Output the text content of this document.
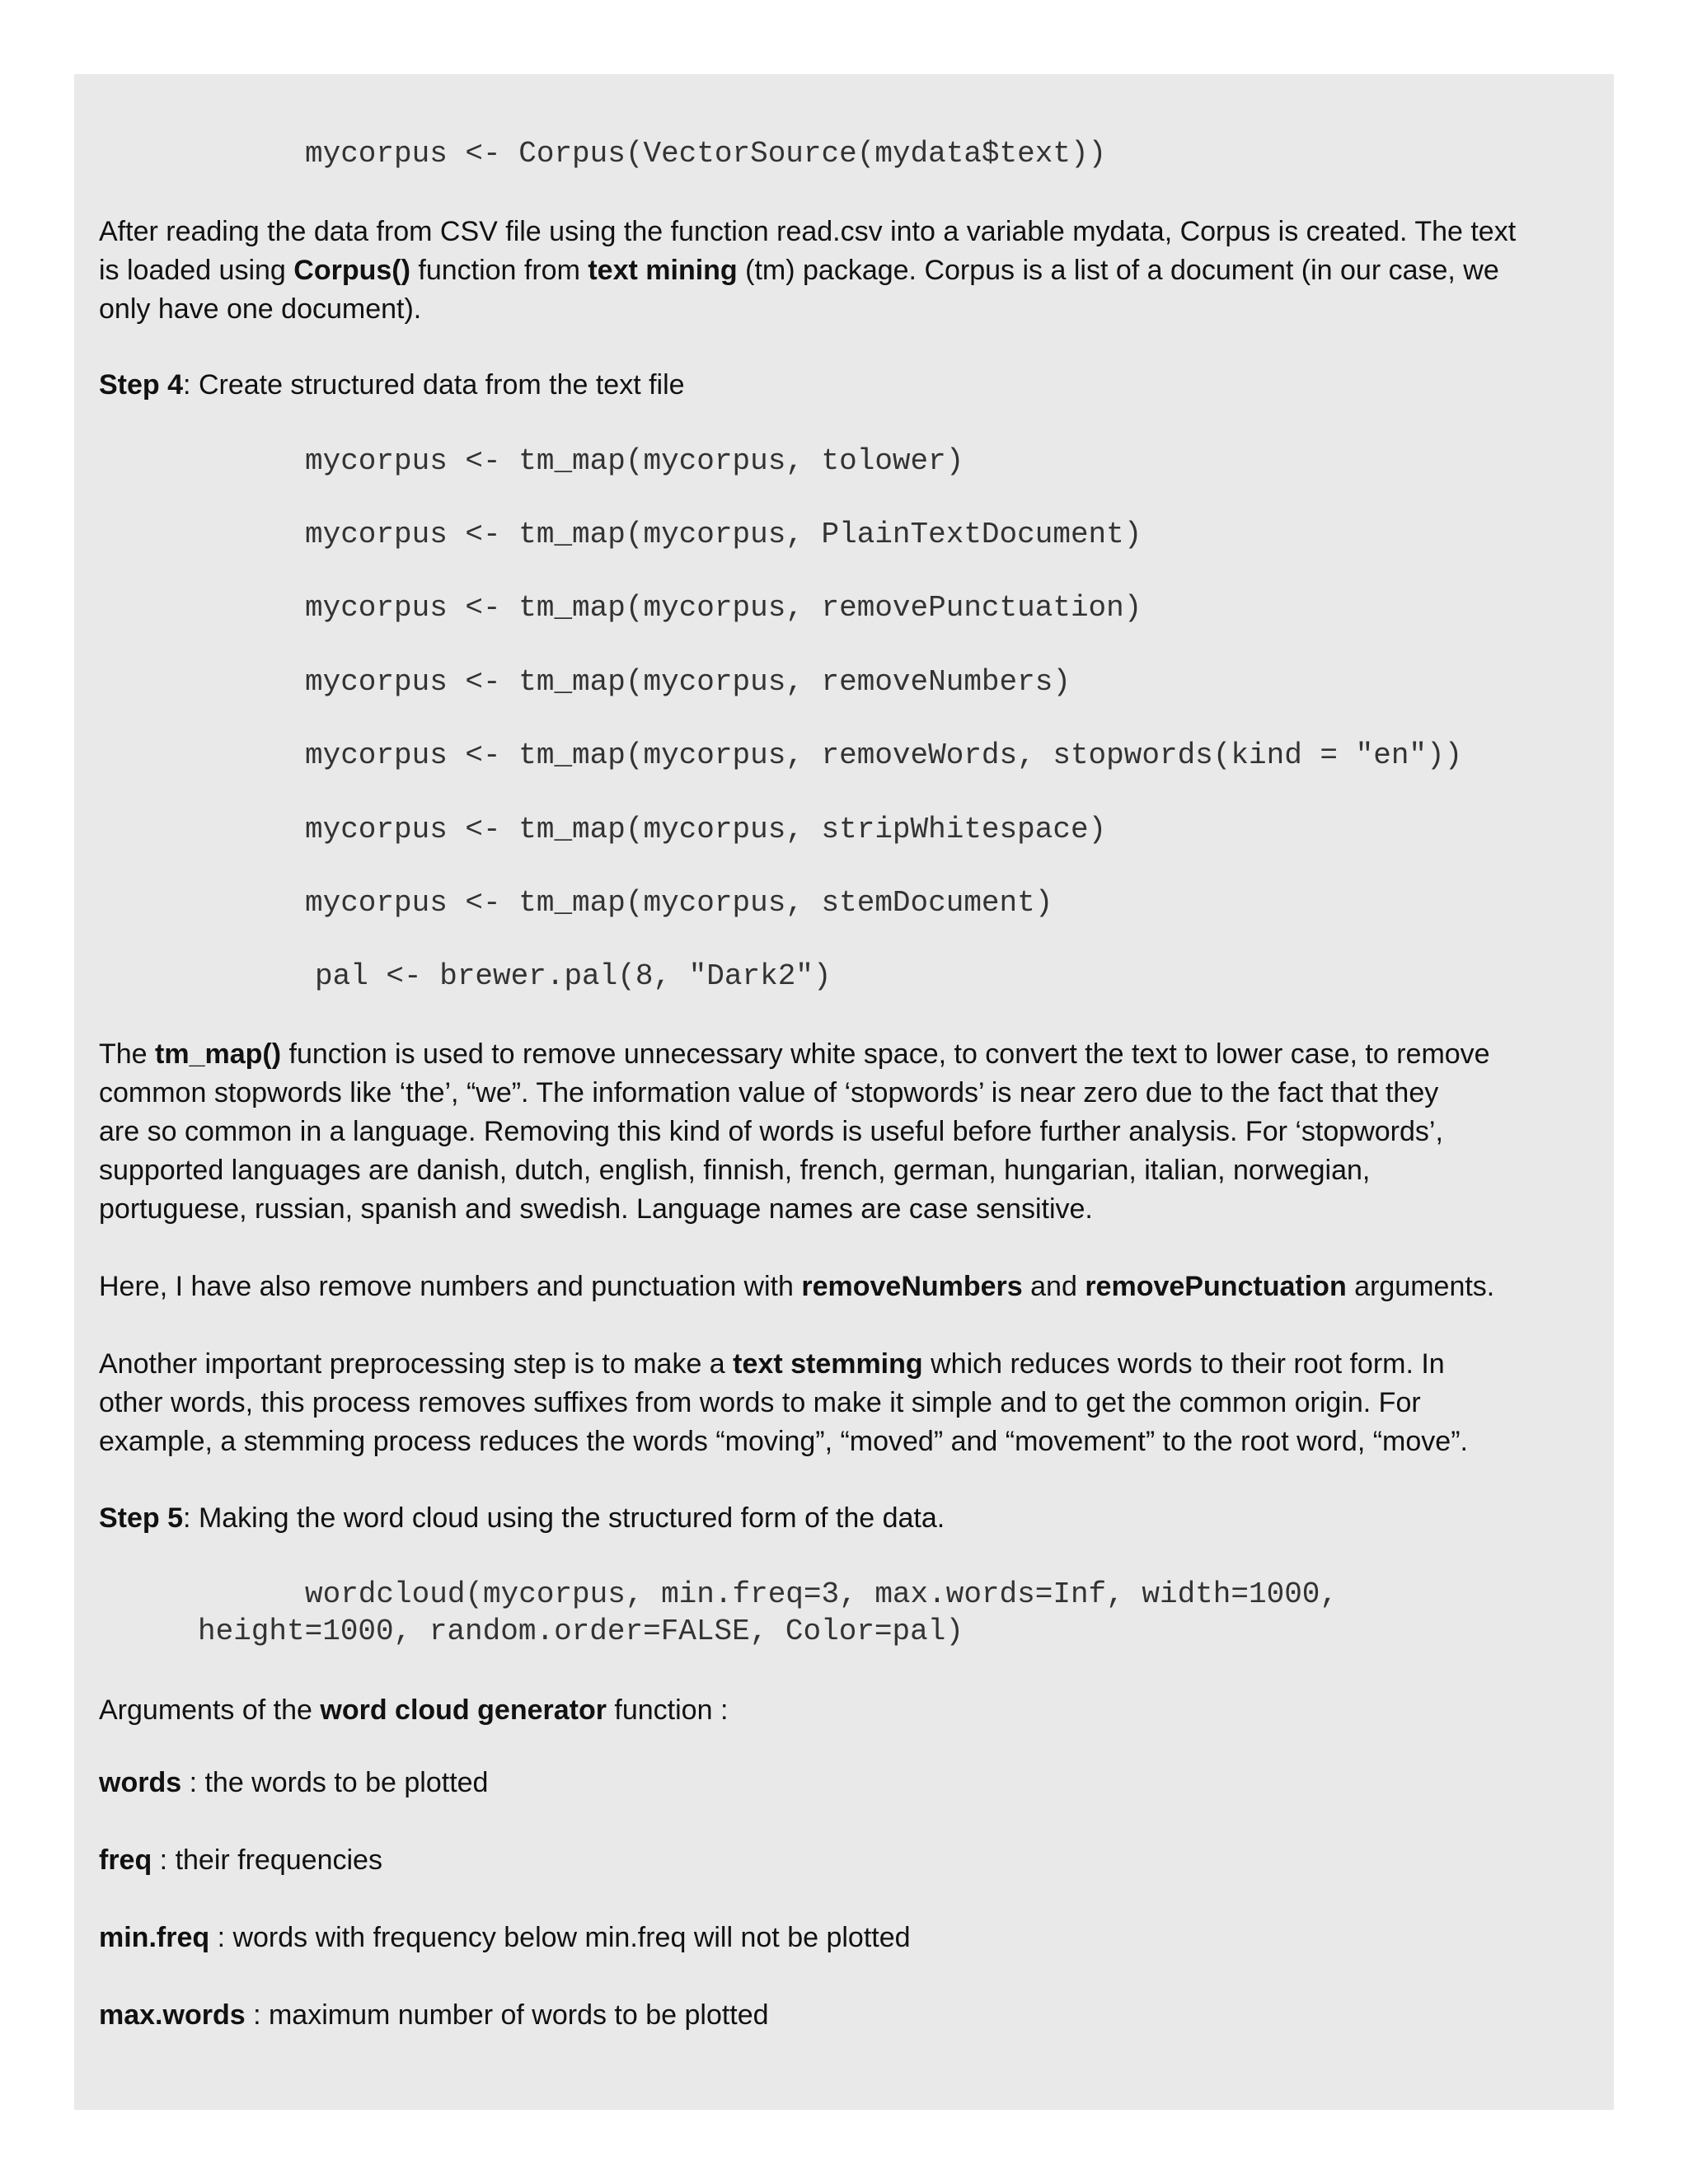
mycorpus <- Corpus(VectorSource(mydata$text))

After reading the data from CSV file using the function read.csv into a variable mydata, Corpus is created. The text
is loaded using Corpus() function from text mining (tm) package. Corpus is a list of a document (in our case, we
only have one document).

Step 4: Create structured data from the text file

mycorpus <- tm_map(mycorpus, tolower)
mycorpus <- tm_map(mycorpus, PlainTextDocument)
mycorpus <- tm_map(mycorpus, removePunctuation)
mycorpus <- tm_map(mycorpus, removeNumbers)
mycorpus <- tm_map(mycorpus, removeWords, stopwords(kind = "en"))
mycorpus <- tm_map(mycorpus, stripWhitespace)
mycorpus <- tm_map(mycorpus, stemDocument)
pal <- brewer.pal(8, "Dark2")

The tm_map() function is used to remove unnecessary white space, to convert the text to lower case, to remove
common stopwords like ‘the’, “we”. The information value of ‘stopwords’ is near zero due to the fact that they
are so common in a language. Removing this kind of words is useful before further analysis. For ‘stopwords’,
supported languages are danish, dutch, english, finnish, french, german, hungarian, italian, norwegian,
portuguese, russian, spanish and swedish. Language names are case sensitive.

Here, I have also remove numbers and punctuation with removeNumbers and removePunctuation arguments.

Another important preprocessing step is to make a text stemming which reduces words to their root form. In
other words, this process removes suffixes from words to make it simple and to get the common origin. For
example, a stemming process reduces the words “moving”, “moved” and “movement” to the root word, “move”.

Step 5: Making the word cloud using the structured form of the data.

wordcloud(mycorpus, min.freq=3, max.words=Inf, width=1000,
height=1000, random.order=FALSE, Color=pal)

Arguments of the word cloud generator function :

words : the words to be plotted

freq : their frequencies

min.freq : words with frequency below min.freq will not be plotted

max.words : maximum number of words to be plotted
